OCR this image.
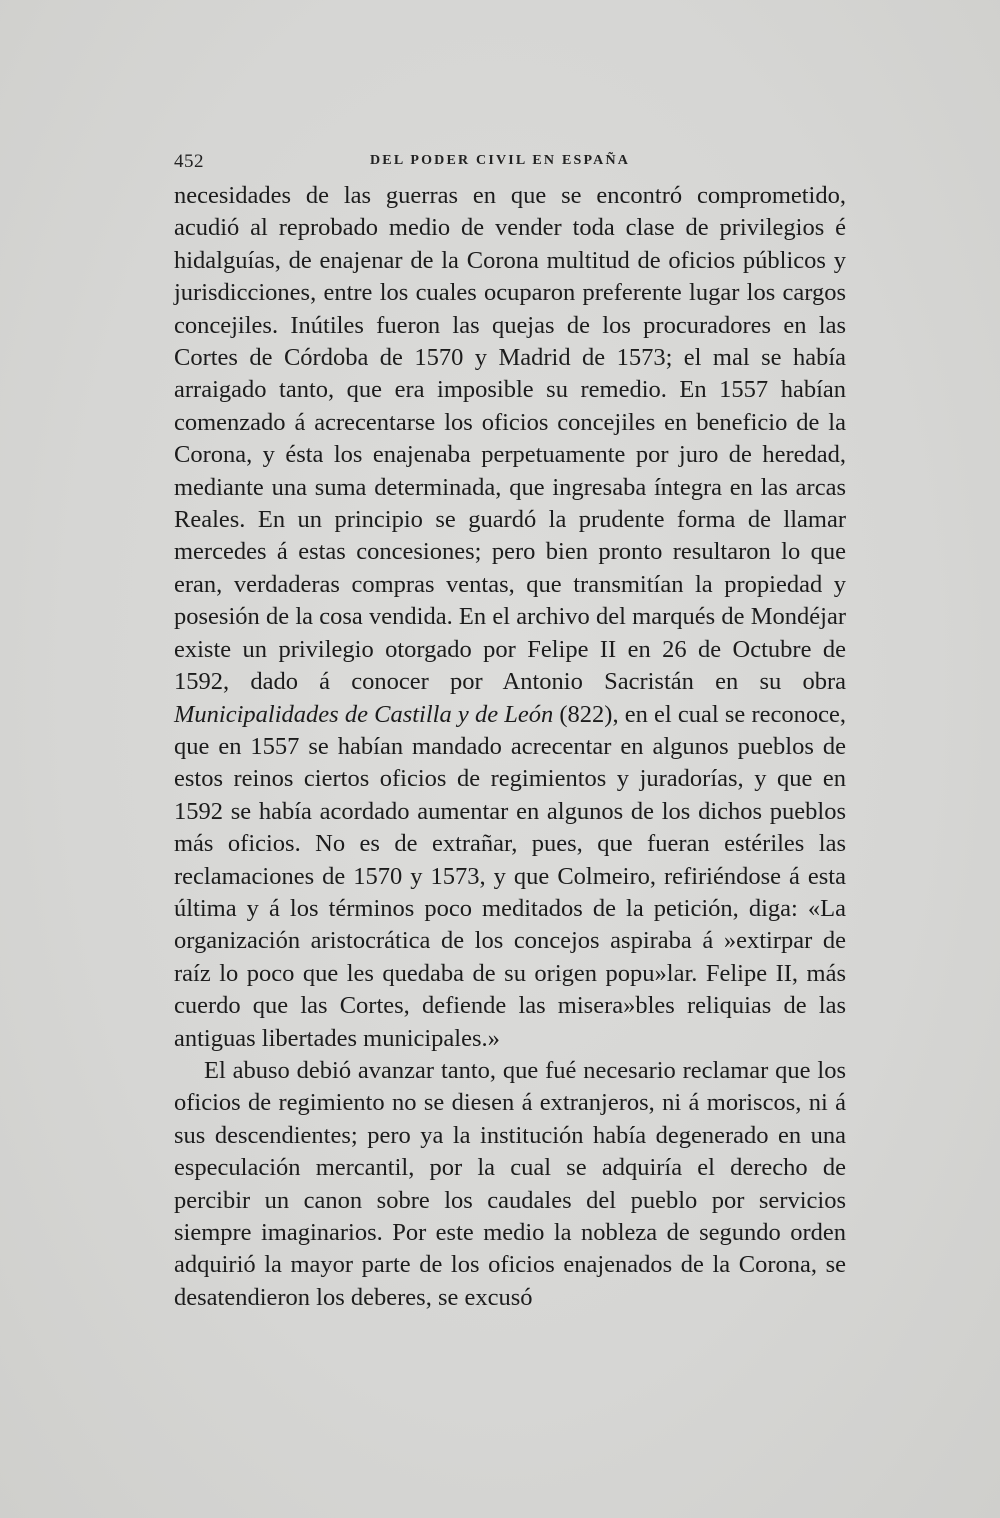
452	DEL PODER CIVIL EN ESPAÑA

necesidades de las guerras en que se encontró comprometido, acudió al reprobado medio de vender toda clase de privilegios é hidalguías, de enajenar de la Corona multitud de oficios públicos y jurisdicciones, entre los cuales ocuparon preferente lugar los cargos concejiles. Inútiles fueron las quejas de los procuradores en las Cortes de Córdoba de 1570 y Madrid de 1573; el mal se había arraigado tanto, que era imposible su remedio. En 1557 habían comenzado á acrecentarse los oficios concejiles en beneficio de la Corona, y ésta los enajenaba perpetuamente por juro de heredad, mediante una suma determinada, que ingresaba íntegra en las arcas Reales. En un principio se guardó la prudente forma de llamar mercedes á estas concesiones; pero bien pronto resultaron lo que eran, verdaderas compras ventas, que transmitían la propiedad y posesión de la cosa vendida. En el archivo del marqués de Mondéjar existe un privilegio otorgado por Felipe II en 26 de Octubre de 1592, dado á conocer por Antonio Sacristán en su obra Municipalidades de Castilla y de León (822), en el cual se reconoce, que en 1557 se habían mandado acrecentar en algunos pueblos de estos reinos ciertos oficios de regimientos y juradorías, y que en 1592 se había acordado aumentar en algunos de los dichos pueblos más oficios. No es de extrañar, pues, que fueran estériles las reclamaciones de 1570 y 1573, y que Colmeiro, refiriéndose á esta última y á los términos poco meditados de la petición, diga: «La organización aristocrática de los concejos aspiraba á »extirpar de raíz lo poco que les quedaba de su origen popu»lar. Felipe II, más cuerdo que las Cortes, defiende las misera»bles reliquias de las antiguas libertades municipales.»

El abuso debió avanzar tanto, que fué necesario reclamar que los oficios de regimiento no se diesen á extranjeros, ni á moriscos, ni á sus descendientes; pero ya la institución había degenerado en una especulación mercantil, por la cual se adquiría el derecho de percibir un canon sobre los caudales del pueblo por servicios siempre imaginarios. Por este medio la nobleza de segundo orden adquirió la mayor parte de los oficios enajenados de la Corona, se desatendieron los deberes, se excusó
